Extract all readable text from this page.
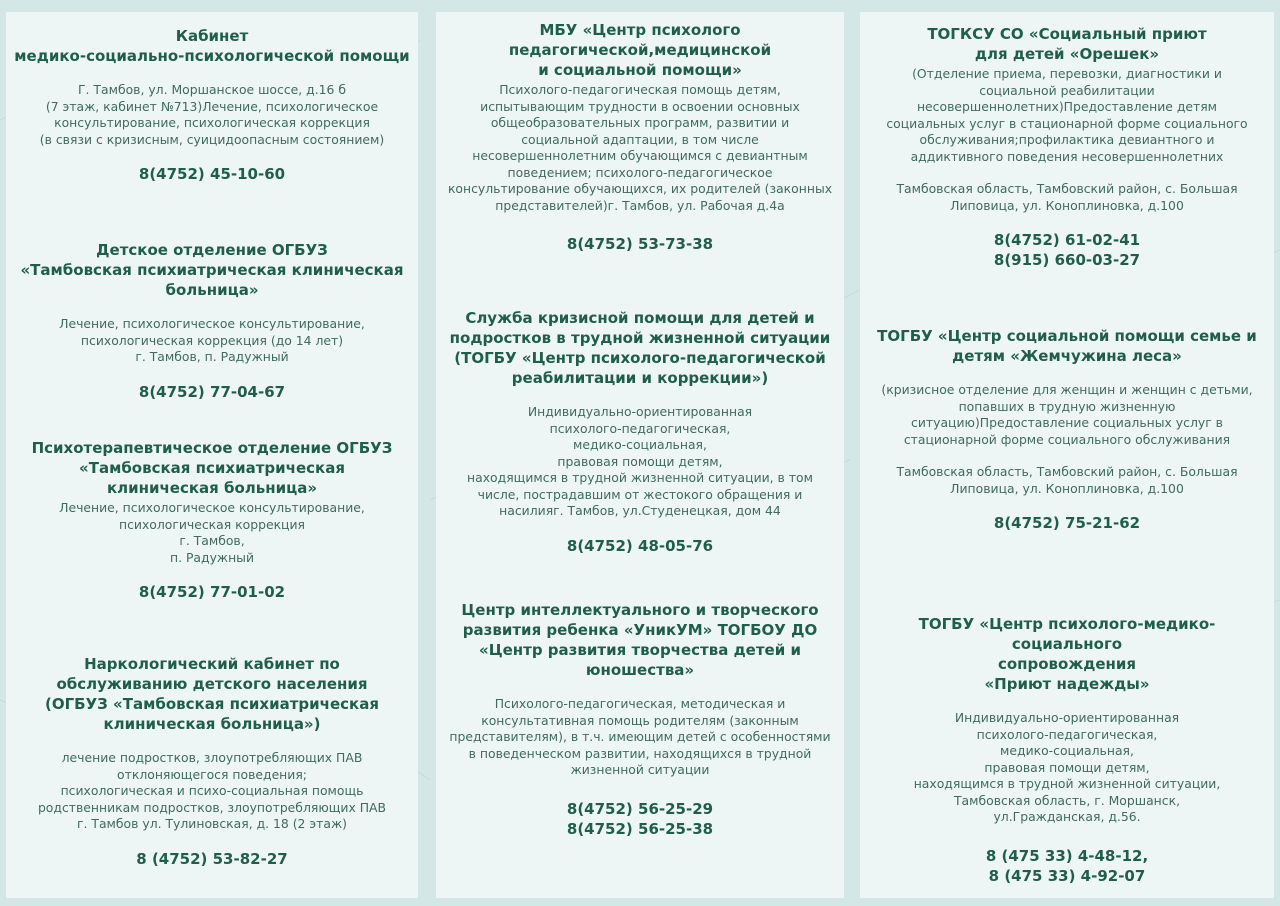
Кабинет
медико-социально-психологической помощи
Г. Тамбов, ул. Моршанское шоссе, д.16 б
(7 этаж, кабинет №713)Лечение, психологическое
консультирование, психологическая коррекция
(в связи с кризисным, суицидоопасным состоянием)
8(4752) 45-10-60
Детское отделение ОГБУЗ
«Тамбовская психиатрическая клиническая
больница»
Лечение, психологическое консультирование,
психологическая коррекция (до 14 лет)
г. Тамбов, п. Радужный
8(4752) 77-04-67
Психотерапевтическое отделение ОГБУЗ
«Тамбовская психиатрическая
клиническая больница»
Лечение, психологическое консультирование,
психологическая коррекция
г. Тамбов,
п. Радужный
8(4752) 77-01-02
Наркологический кабинет по
обслуживанию детского населения
(ОГБУЗ «Тамбовская психиатрическая
клиническая больница»)
лечение подростков, злоупотребляющих ПАВ
отклоняющегося поведения;
психологическая и психо-социальная помощь
родственникам подростков, злоупотребляющих ПАВ
г. Тамбов ул. Тулиновская, д. 18 (2 этаж)
8 (4752) 53-82-27
МБУ «Центр психолого
педагогической,медицинской
и социальной помощи»
Психолого-педагогическая помощь детям,
испытывающим трудности в освоении основных
общеобразовательных программ, развитии и
социальной адаптации, в том числе
несовершеннолетним обучающимся с девиантным
поведением; психолого-педагогическое
консультирование обучающихся, их родителей (законных
представителей)г. Тамбов, ул. Рабочая д.4а
8(4752) 53-73-38
Служба кризисной помощи для детей и
подростков в трудной жизненной ситуации
(ТОГБУ «Центр психолого-педагогической
реабилитации и коррекции»)
Индивидуально-ориентированная
психолого-педагогическая,
медико-социальная,
правовая помощи детям,
находящимся в трудной жизненной ситуации, в том
числе, пострадавшим от жестокого обращения и
насилияг. Тамбов, ул.Студенецкая, дом 44
8(4752) 48-05-76
Центр интеллектуального и творческого
развития ребенка «УникУМ» ТОГБОУ ДО
«Центр развития творчества детей и
юношества»
Психолого-педагогическая, методическая и
консультативная помощь родителям (законным
представителям), в т.ч. имеющим детей с особенностями
в поведенческом развитии, находящихся в трудной
жизненной ситуации
8(4752) 56-25-29
8(4752) 56-25-38
ТОГКСУ СО «Социальный приют
для детей «Орешек»
(Отделение приема, перевозки, диагностики и
социальной реабилитации
несовершеннолетних)Предоставление детям
социальных услуг в стационарной форме социального
обслуживания;профилактика девиантного и
аддиктивного поведения несовершеннолетних
Тамбовская область, Тамбовский район, с. Большая
Липовица, ул. Коноплиновка, д.100
8(4752) 61-02-41
8(915) 660-03-27
ТОГБУ «Центр социальной помощи семье и
детям «Жемчужина леса»
(кризисное отделение для женщин и женщин с детьми,
попавших в трудную жизненную
ситуацию)Предоставление социальных услуг в
стационарной форме социального обслуживания
Тамбовская область, Тамбовский район, с. Большая
Липовица, ул. Коноплиновка, д.100
8(4752) 75-21-62
ТОГБУ «Центр психолого-медико-социального
сопровождения
«Приют надежды»
Индивидуально-ориентированная
психолого-педагогическая,
медико-социальная,
правовая помощи детям,
находящимся в трудной жизненной ситуации,
Тамбовская область, г. Моршанск,
ул.Гражданская, д.56.
8 (475 33) 4-48-12,
8 (475 33) 4-92-07
